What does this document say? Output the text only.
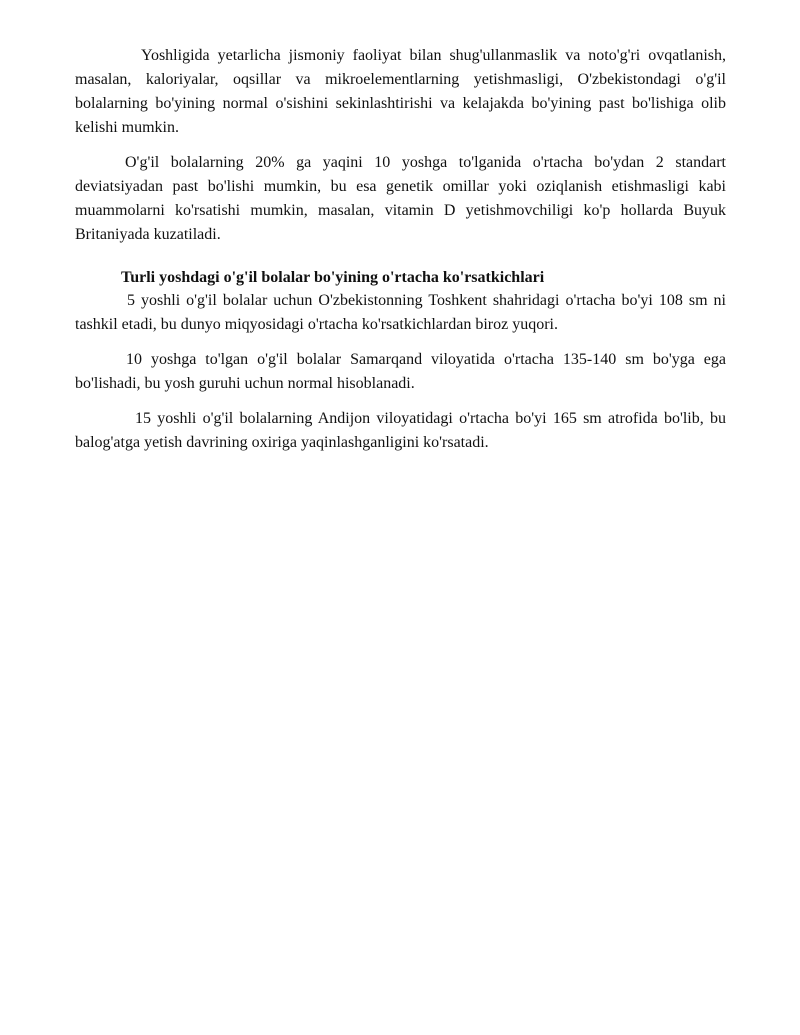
Yoshligida yetarlicha jismoniy faoliyat bilan shug'ullanmaslik va noto'g'ri ovqatlanish, masalan, kaloriyalar, oqsillar va mikroelementlarning yetishmasligi, O'zbekistondagi o'g'il bolalarning bo'yining normal o'sishini sekinlashtirishi va kelajakda bo'yining past bo'lishiga olib kelishi mumkin.

O'g'il bolalarning 20% ga yaqini 10 yoshga to'lganida o'rtacha bo'ydan 2 standart deviatsiyadan past bo'lishi mumkin, bu esa genetik omillar yoki oziqlanish etishmasligi kabi muammolarni ko'rsatishi mumkin, masalan, vitamin D yetishmovchiligi ko'p hollarda Buyuk Britaniyada kuzatiladi.

Turli yoshdagi o'g'il bolalar bo'yining o'rtacha ko'rsatkichlari

5 yoshli o'g'il bolalar uchun O'zbekistonning Toshkent shahridagi o'rtacha bo'yi 108 sm ni tashkil etadi, bu dunyo miqyosidagi o'rtacha ko'rsatkichlardan biroz yuqori.

10 yoshga to'lgan o'g'il bolalar Samarqand viloyatida o'rtacha 135-140 sm bo'yga ega bo'lishadi, bu yosh guruhi uchun normal hisoblanadi.

15 yoshli o'g'il bolalarning Andijon viloyatidagi o'rtacha bo'yi 165 sm atrofida bo'lib, bu balog'atga yetish davrining oxiriga yaqinlashganligini ko'rsatadi.
